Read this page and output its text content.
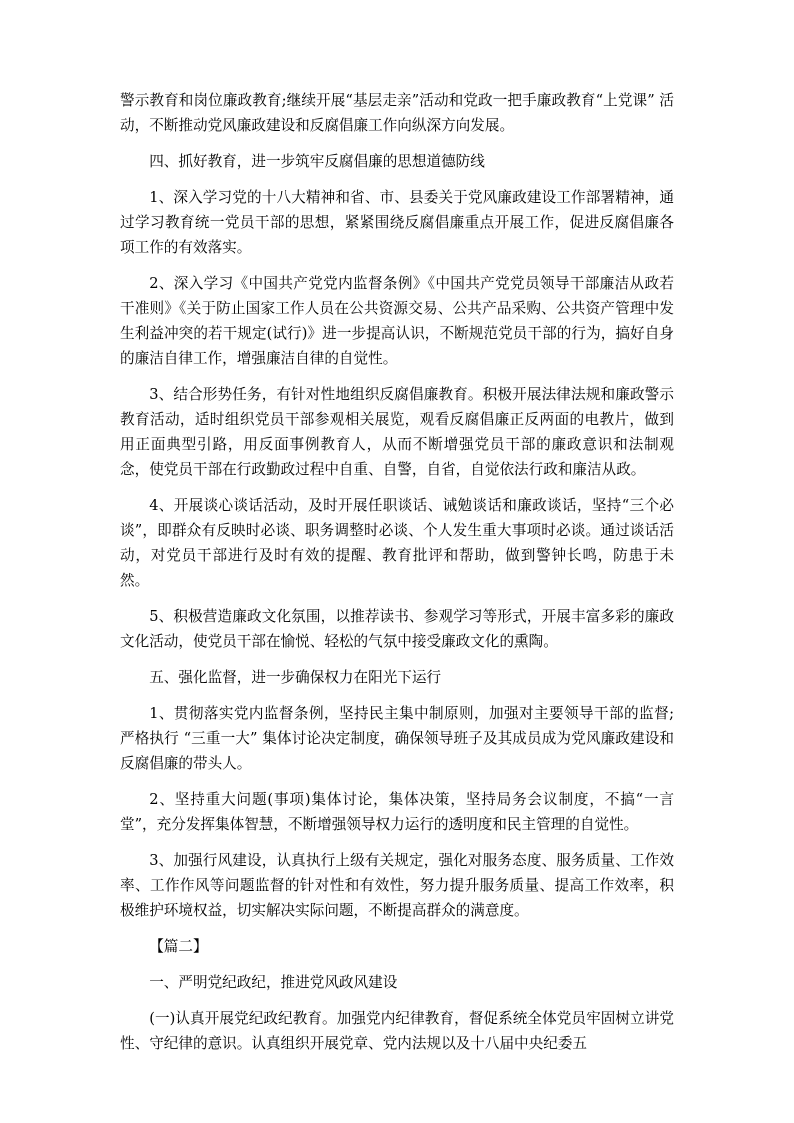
警示教育和岗位廉政教育;继续开展“基层走亲”活动和党政一把手廉政教育“上党课” 活动，不断推动党风廉政建设和反腐倡廉工作向纵深方向发展。

四、抓好教育，进一步筑牢反腐倡廉的思想道德防线

1、深入学习党的十八大精神和省、市、县委关于党风廉政建设工作部署精神，通过学习教育统一党员干部的思想，紧紧围绕反腐倡廉重点开展工作，促进反腐倡廉各项工作的有效落实。

2、深入学习《中国共产党党内监督条例》《中国共产党党员领导干部廉洁从政若干准则》《关于防止国家工作人员在公共资源交易、公共产品采购、公共资产管理中发生利益冲突的若干规定(试行)》进一步提高认识，不断规范党员干部的行为，搞好自身的廉洁自律工作，增强廉洁自律的自觉性。

3、结合形势任务，有针对性地组织反腐倡廉教育。积极开展法律法规和廉政警示教育活动，适时组织党员干部参观相关展览，观看反腐倡廉正反两面的电教片，做到用正面典型引路，用反面事例教育人，从而不断增强党员干部的廉政意识和法制观念，使党员干部在行政勤政过程中自重、自警，自省，自觉依法行政和廉洁从政。

4、开展谈心谈话活动，及时开展任职谈话、诫勉谈话和廉政谈话，坚持“三个必谈”，即群众有反映时必谈、职务调整时必谈、个人发生重大事项时必谈。通过谈话活动，对党员干部进行及时有效的提醒、教育批评和帮助，做到警钟长鸣，防患于未然。

5、积极营造廉政文化氛围，以推荐读书、参观学习等形式，开展丰富多彩的廉政文化活动，使党员干部在愉悦、轻松的气氛中接受廉政文化的熏陶。

五、强化监督，进一步确保权力在阳光下运行

1、贯彻落实党内监督条例，坚持民主集中制原则，加强对主要领导干部的监督;严格执行 “三重一大” 集体讨论决定制度，确保领导班子及其成员成为党风廉政建设和反腐倡廉的带头人。

2、坚持重大问题(事项)集体讨论，集体决策，坚持局务会议制度，不搞“一言堂”，充分发挥集体智慧，不断增强领导权力运行的透明度和民主管理的自觉性。

3、加强行风建设，认真执行上级有关规定，强化对服务态度、服务质量、工作效率、工作作风等问题监督的针对性和有效性，努力提升服务质量、提高工作效率，积极维护环境权益，切实解决实际问题，不断提高群众的满意度。

【篇二】

一、严明党纪政纪，推进党风政风建设

(一)认真开展党纪政纪教育。加强党内纪律教育，督促系统全体党员牢固树立讲党性、守纪律的意识。认真组织开展党章、党内法规以及十八届中央纪委五
